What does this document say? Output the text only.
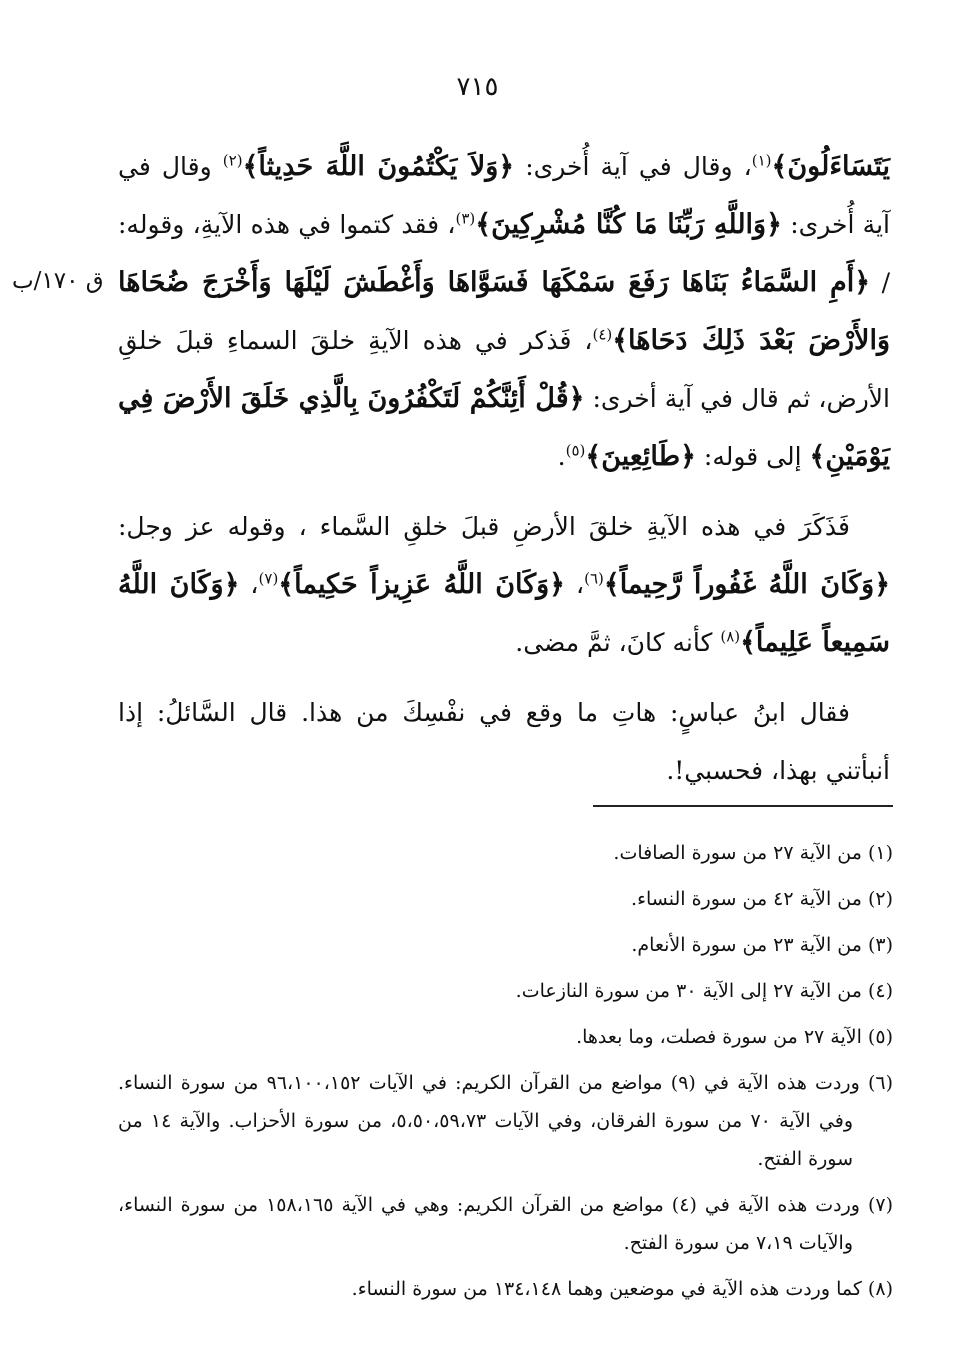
٧١٥
ق ١٧٠/ب

يَتَسَاءَلُونَ﴾$^{(١)}$، وقال في آية أُخرى: ﴿وَلاَ يَكْتُمُونَ اللَّهَ حَدِيثاً﴾$^{(٢)}$ وقال في آية أُخرى: ﴿وَاللَّهِ رَبِّنَا مَا كُنَّا مُشْرِكِينَ﴾$^{(٣)}$، فقد كتموا في هذه الآيةِ، وقوله: / ﴿أَمِ السَّمَاءُ بَنَاهَا رَفَعَ سَمْكَهَا فَسَوَّاهَا وَأَغْطَشَ لَيْلَهَا وَأَخْرَجَ ضُحَاهَا وَالأَرْضَ بَعْدَ ذَلِكَ دَحَاهَا﴾$^{(٤)}$، فَذكر في هذه الآيةِ خلقَ السماءِ قبلَ خلقِ الأرض، ثم قال في آية أخرى: ﴿قُلْ أَئِنَّكُمْ لَتَكْفُرُونَ بِالَّذِي خَلَقَ الأَرْضَ فِي يَوْمَيْنِ﴾ إلى قوله: ﴿طَائِعِينَ﴾$^{(٥)}$.

فَذَكَرَ في هذه الآيةِ خلقَ الأرضِ قبلَ خلقِ السَّماء ، وقوله عز وجل: ﴿وَكَانَ اللَّهُ غَفُوراً رَّحِيماً﴾$^{(٦)}$، ﴿وَكَانَ اللَّهُ عَزِيزاً حَكِيماً﴾$^{(٧)}$، ﴿وَكَانَ اللَّهُ سَمِيعاً عَلِيماً﴾$^{(٨)}$ كأنه كانَ، ثمَّ مضى.

فقال ابنُ عباسٍ: هاتِ ما وقع في نفْسِكَ من هذا. قال السَّائلُ: إذا أنبأتني بهذا، فحسبي!.

(١) من الآية ٢٧ من سورة الصافات.

(٢) من الآية ٤٢ من سورة النساء.

(٣) من الآية ٢٣ من سورة الأنعام.

(٤) من الآية ٢٧ إلى الآية ٣٠ من سورة النازعات.

(٥) الآية ٢٧ من سورة فصلت، وما بعدها.

(٦) وردت هذه الآية في (٩) مواضع من القرآن الكريم: في الآيات ٩٦،١٠٠،١٥٢ من سورة النساء. وفي الآية ٧٠ من سورة الفرقان، وفي الآيات ٥،٥٠،٥٩،٧٣، من سورة الأحزاب. والآية ١٤ من سورة الفتح.

(٧) وردت هذه الآية في (٤) مواضع من القرآن الكريم: وهي في الآية ١٥٨،١٦٥ من سورة النساء، والآيات ٧،١٩ من سورة الفتح.

(٨) كما وردت هذه الآية في موضعين وهما ١٣٤،١٤٨ من سورة النساء.
